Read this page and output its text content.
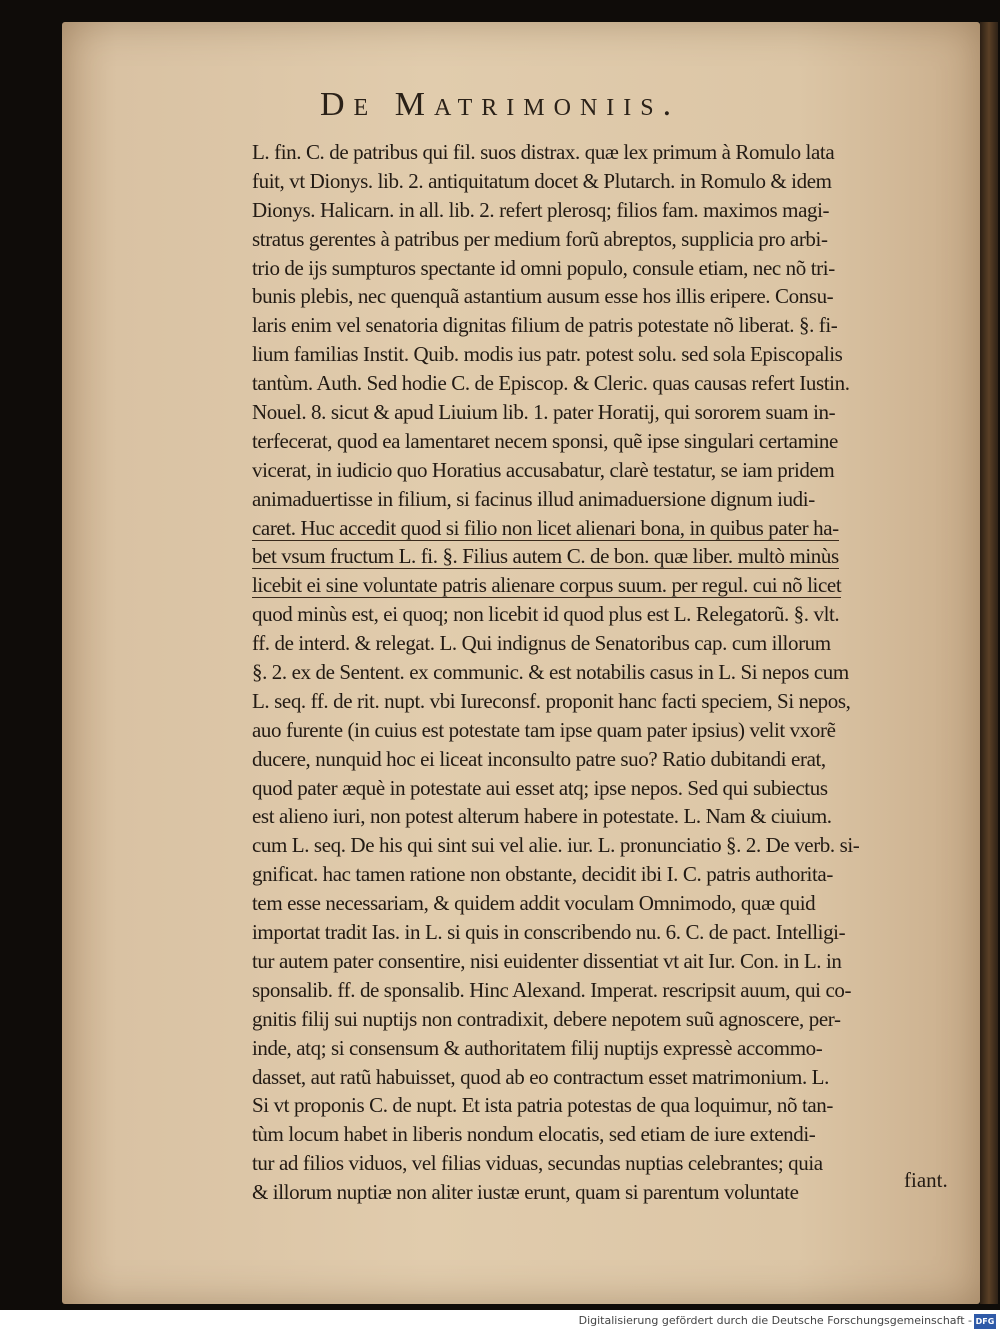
De Matrimoniis.
L. fin. C. de patribus qui fil. suos distrax. quæ lex primum à Romulo lata
fuit, vt Dionys. lib. 2. antiquitatum docet & Plutarch. in Romulo & idem
Dionys. Halicarn. in all. lib. 2. refert plerosq; filios fam. maximos magi-
stratus gerentes à patribus per medium forũ abreptos, supplicia pro arbi-
trio de ijs sumpturos spectante id omni populo, consule etiam, nec nõ tri-
bunis plebis, nec quenquã astantium ausum esse hos illis eripere. Consu-
laris enim vel senatoria dignitas filium de patris potestate nõ liberat. §. fi-
lium familias Instit. Quib. modis ius patr. potest solu. sed sola Episcopalis
tantùm. Auth. Sed hodie C. de Episcop. & Cleric. quas causas refert Iustin.
Nouel. 8. sicut & apud Liuium lib. 1. pater Horatij, qui sororem suam in-
terfecerat, quod ea lamentaret necem sponsi, quẽ ipse singulari certamine
vicerat, in iudicio quo Horatius accusabatur, clarè testatur, se iam pridem
animaduertisse in filium, si facinus illud animaduersione dignum iudi-
caret. Huc accedit quod si filio non licet alienari bona, in quibus pater ha-
bet vsum fructum L. fi. §. Filius autem C. de bon. quæ liber. multò minùs
licebit ei sine voluntate patris alienare corpus suum. per regul. cui nõ licet
quod minùs est, ei quoq; non licebit id quod plus est L. Relegatorũ. §. vlt.
ff. de interd. & relegat. L. Qui indignus de Senatoribus cap. cum illorum
§. 2. ex de Sentent. ex communic. & est notabilis casus in L. Si nepos cum
L. seq. ff. de rit. nupt. vbi Iureconsf. proponit hanc facti speciem, Si nepos,
auo furente (in cuius est potestate tam ipse quam pater ipsius) velit vxorẽ
ducere, nunquid hoc ei liceat inconsulto patre suo? Ratio dubitandi erat,
quod pater æquè in potestate aui esset atq; ipse nepos. Sed qui subiectus
est alieno iuri, non potest alterum habere in potestate. L. Nam & ciuium.
cum L. seq. De his qui sint sui vel alie. iur. L. pronunciatio §. 2. De verb. si-
gnificat. hac tamen ratione non obstante, decidit ibi I. C. patris authorita-
tem esse necessariam, & quidem addit voculam Omnimodo, quæ quid
importat tradit Ias. in L. si quis in conscribendo nu. 6. C. de pact. Intelligi-
tur autem pater consentire, nisi euidenter dissentiat vt ait Iur. Con. in L. in
sponsalib. ff. de sponsalib. Hinc Alexand. Imperat. rescripsit auum, qui co-
gnitis filij sui nuptijs non contradixit, debere nepotem suũ agnoscere, per-
inde, atq; si consensum & authoritatem filij nuptijs expressè accommo-
dasset, aut ratũ habuisset, quod ab eo contractum esset matrimonium. L.
Si vt proponis C. de nupt. Et ista patria potestas de qua loquimur, nõ tan-
tùm locum habet in liberis nondum elocatis, sed etiam de iure extendi-
tur ad filios viduos, vel filias viduas, secundas nuptias celebrantes; quia
& illorum nuptiæ non aliter iustæ erunt, quam si parentum voluntate
fiant.
Digitalisierung gefördert durch die Deutsche Forschungsgemeinschaft - DFG
